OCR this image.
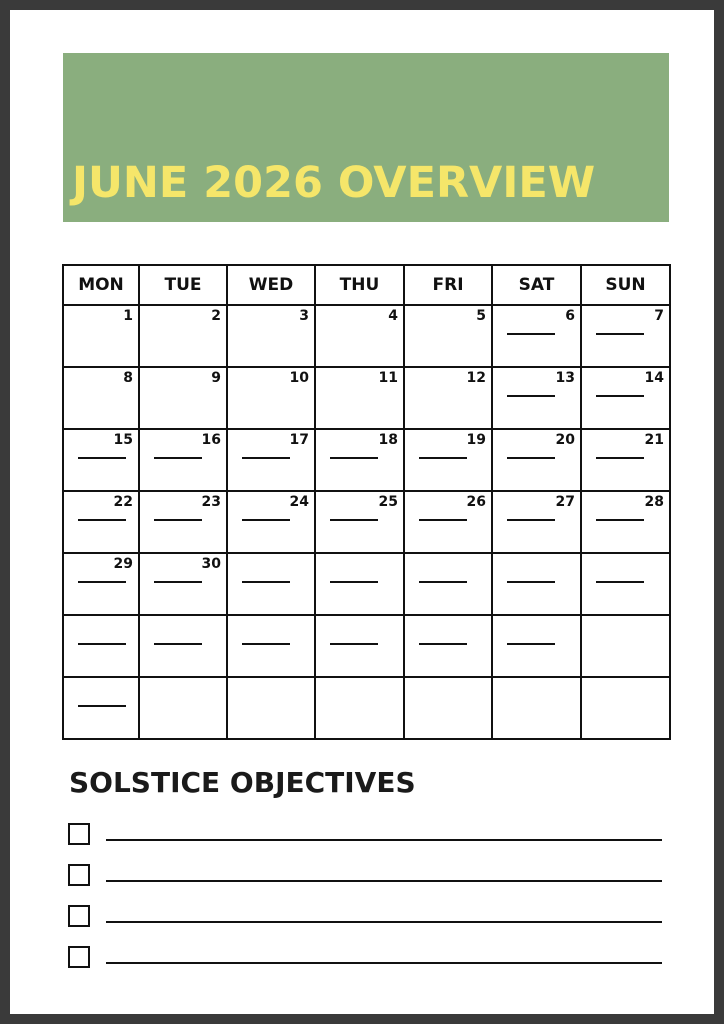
JUNE 2026 OVERVIEW
MON	TUE	WED	THU	FRI	SAT	SUN

1	2	3	4	5	6	7

8	9	10	11	12	13	14

15	16	17	18	19	20	21

22	23	24	25	26	27	28

29	30					

SOLSTICE OBJECTIVES
